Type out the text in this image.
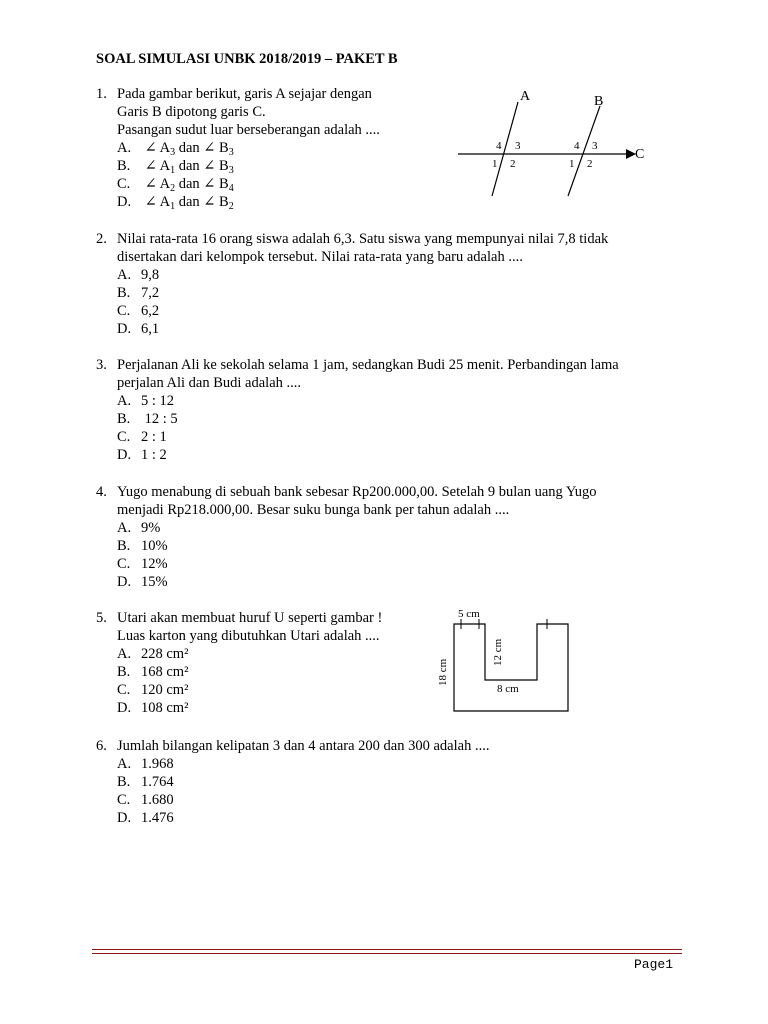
SOAL SIMULASI UNBK 2018/2019 – PAKET B
1. Pada gambar berikut, garis A sejajar dengan
Garis B dipotong garis C.
Pasangan sudut luar berseberangan adalah ....
A. ∠ $A_3$ dan ∠ $B_3$
B. ∠ $A_1$ dan ∠ $B_3$
C. ∠ $A_2$ dan ∠ $B_4$
D. ∠ $A_1$ dan ∠ $B_2$
A	B
C
4 3
1 2
4 3
1 2
2. Nilai rata-rata 16 orang siswa adalah 6,3. Satu siswa yang mempunyai nilai 7,8 tidak
disertakan dari kelompok tersebut. Nilai rata-rata yang baru adalah ....
A. 9,8
B. 7,2
C. 6,2
D. 6,1
3. Perjalanan Ali ke sekolah selama 1 jam, sedangkan Budi 25 menit. Perbandingan lama
perjalan Ali dan Budi adalah ....
A. 5 : 12
B. 12 : 5
C. 2 : 1
D. 1 : 2
4. Yugo menabung di sebuah bank sebesar Rp200.000,00. Setelah 9 bulan uang Yugo
menjadi Rp218.000,00. Besar suku bunga bank per tahun adalah ....
A. 9%
B. 10%
C. 12%
D. 15%
5. Utari akan membuat huruf U seperti gambar !
Luas karton yang dibutuhkan Utari adalah ....
A. 228 cm²
B. 168 cm²
C. 120 cm²
D. 108 cm²
5 cm
18 cm
12 cm
8 cm
6. Jumlah bilangan kelipatan 3 dan 4 antara 200 dan 300 adalah ....
A. 1.968
B. 1.764
C. 1.680
D. 1.476
Page1
